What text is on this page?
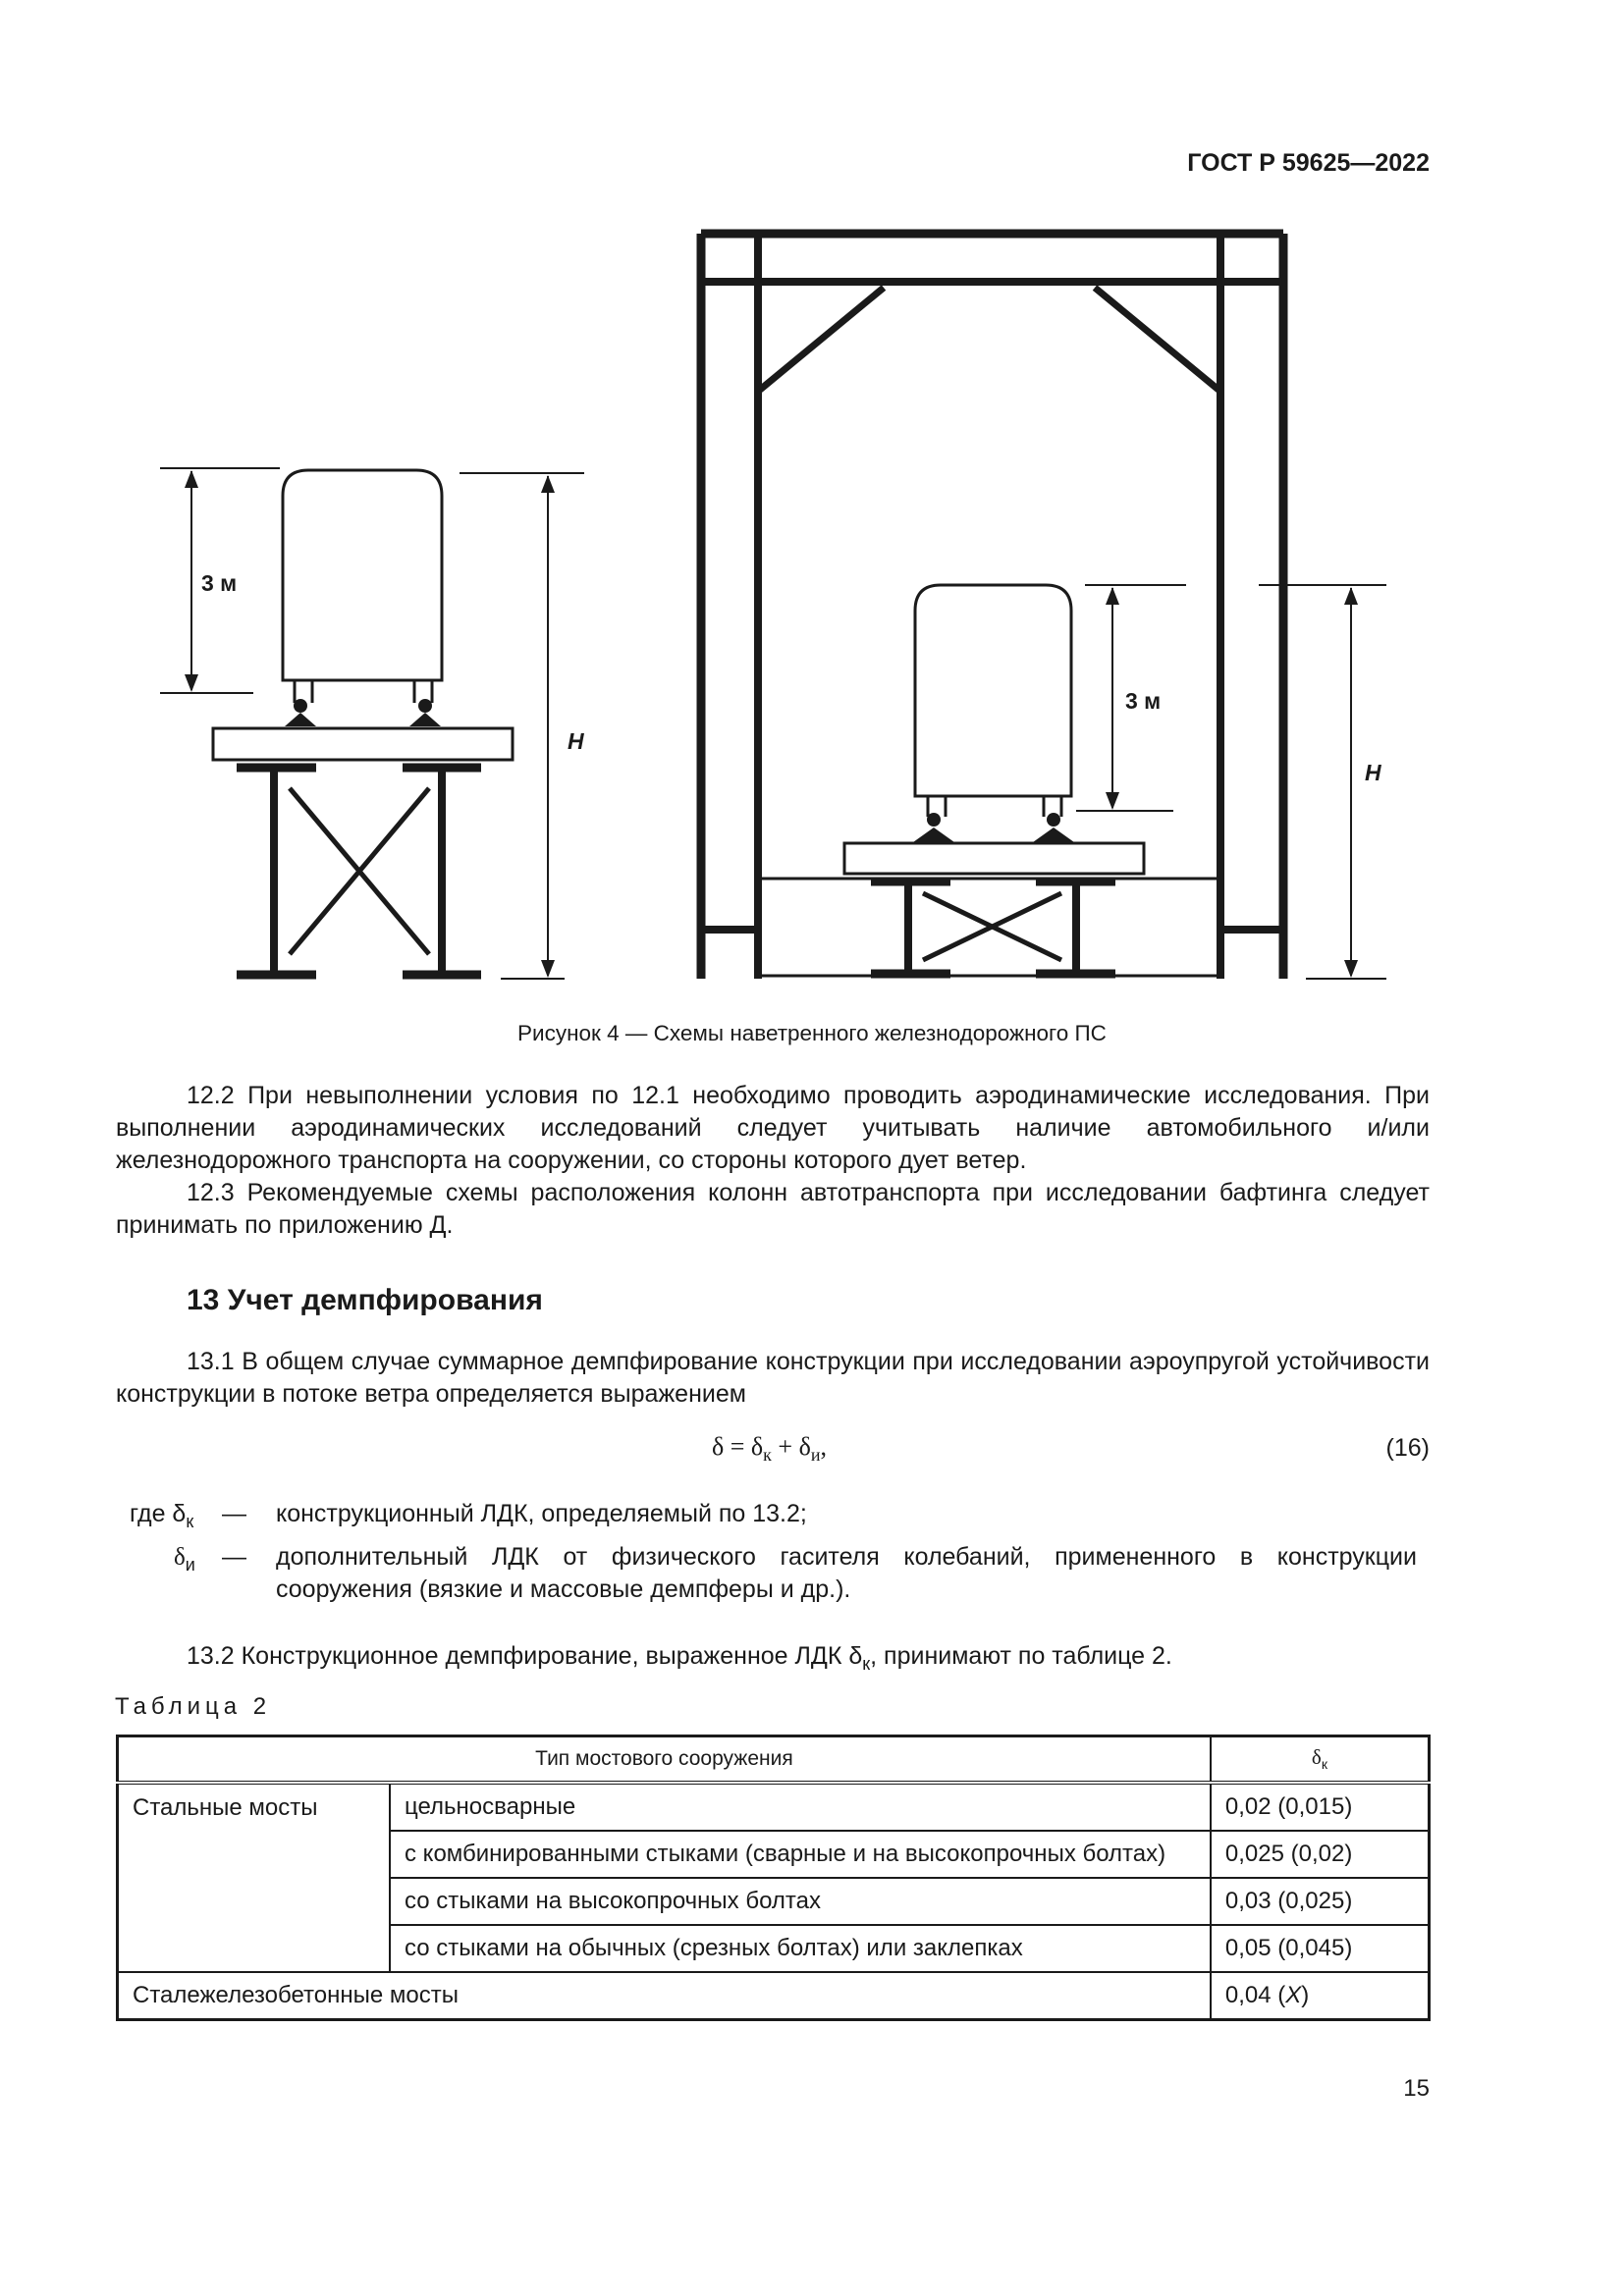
ГОСТ Р 59625—2022
3 м
H
3 м
H
Рисунок 4 — Схемы наветренного железнодорожного ПС
12.2 При невыполнении условия по 12.1 необходимо проводить аэродинамические исследования. При выполнении аэродинамических исследований следует учитывать наличие автомобильного и/или железнодорожного транспорта на сооружении, со стороны которого дует ветер.
12.3 Рекомендуемые схемы расположения колонн автотранспорта при исследовании бафтинга следует принимать по приложению Д.
13 Учет демпфирования
13.1 В общем случае суммарное демпфирование конструкции при исследовании аэроупругой устойчивости конструкции в потоке ветра определяется выражением
$\delta = \delta_к + \delta_и$,	(16)
где $\delta_к$ — конструкционный ЛДК, определяемый по 13.2;
$\delta_и$ — дополнительный ЛДК от физического гасителя колебаний, примененного в конструкции сооружения (вязкие и массовые демпферы и др.).
13.2 Конструкционное демпфирование, выраженное ЛДК $\delta_к$, принимают по таблице 2.
Таблица 2
Тип мостового сооружения		$\delta_к$
Стальные мосты	цельносварные	0,02 (0,015)
	с комбинированными стыками (сварные и на высокопрочных болтах)	0,025 (0,02)
	со стыками на высокопрочных болтах	0,03 (0,025)
	со стыками на обычных (срезных болтах) или заклепках	0,05 (0,045)
Сталежелезобетонные мосты		0,04 (X)
15
